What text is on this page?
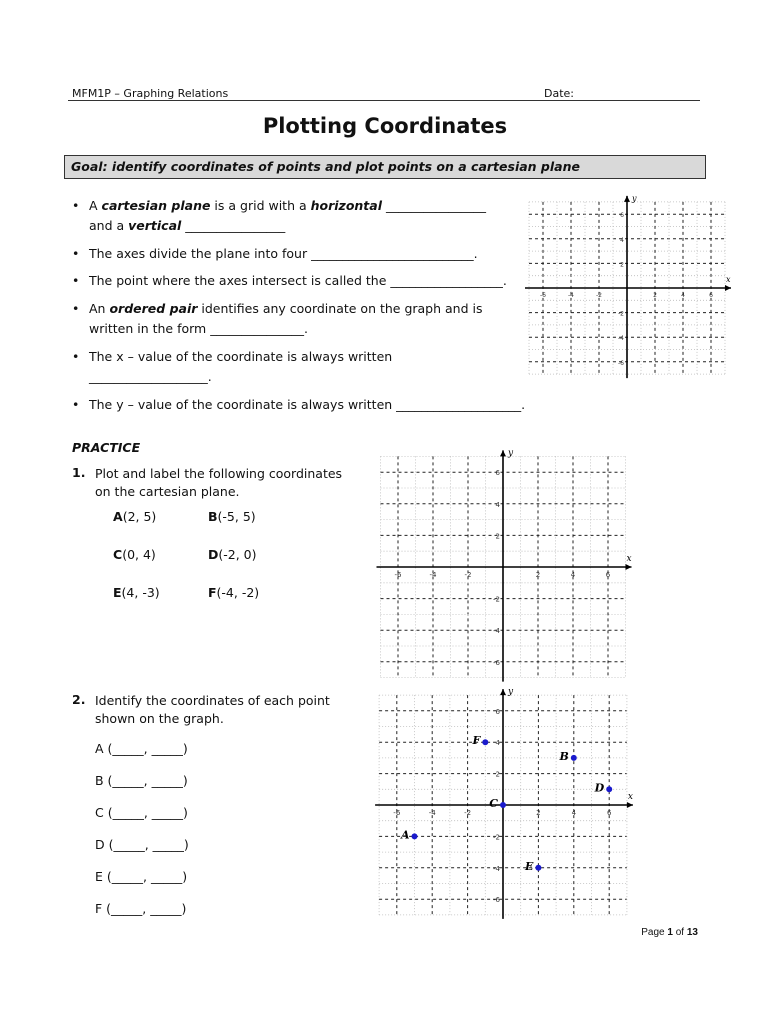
MFM1P – Graphing Relations	Date:
Plotting Coordinates
Goal: identify coordinates of points and plot points on a cartesian plane
• A cartesian plane is a grid with a horizontal ________________
and a vertical ________________
• The axes divide the plane into four __________________________.
• The point where the axes intersect is called the __________________.
• An ordered pair identifies any coordinate on the graph and is
written in the form _______________.
• The x – value of the coordinate is always written
___________________.
• The y – value of the coordinate is always written ____________________.
PRACTICE
1. Plot and label the following coordinates
on the cartesian plane.
A(2, 5)	B(-5, 5)
C(0, 4)	D(-2, 0)
E(4, -3)	F(-4, -2)
2. Identify the coordinates of each point
shown on the graph.
A (_____, _____)
B (_____, _____)
C (_____, _____)
D (_____, _____)
E (_____, _____)
F (_____, _____)
x
y
-6
-6
-4
-4
-2
-2
2
2
4
4
6
6
x
y
-6
-6
-4
-4
-2
-2
2
2
4
4
6
6
x
y
-6
-6
-4
-4
-2
-2
2
2
4
4
6
6
A
B
C
D
E
F
Page 1 of 13
